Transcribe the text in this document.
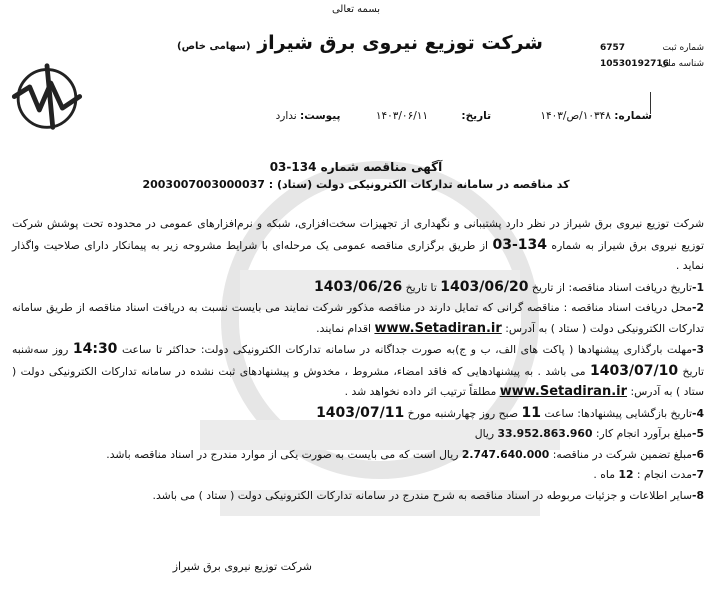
بسمه تعالی
(سهامی خاص) شرکت توزیع نیروی برق شیراز	شماره ثبت
شناسه ملی
6757
10530192716
شماره: ۱۰۳۴۸/ص/۱۴۰۳ تاریخ: ۱۴۰۳/۰۶/۱۱ پیوست: ندارد
آگهی مناقصه شماره 134-03
کد مناقصه در سامانه تدارکات الکترونیکی دولت (ستاد) : 2003007003000037

شرکت توزیع نیروی برق شیراز در نظر دارد پشتیبانی و نگهداری از تجهیزات سخت‌افزاری، شبکه و نرم‌افزارهای عمومی در محدوده تحت پوشش شرکت توزیع نیروی برق شیراز به شماره 134-03 از طریق برگزاری مناقصه عمومی یک مرحله‌ای با شرایط مشروحه زیر به پیمانکار دارای صلاحیت واگذار نماید .

1-تاریخ دریافت اسناد مناقصه: از تاریخ 1403/06/20 تا تاریخ 1403/06/26

2-محل دریافت اسناد مناقصه : مناقصه گرانی که تمایل دارند در مناقصه مذکور شرکت نمایند می بایست نسبت به دریافت اسناد مناقصه از طریق سامانه تدارکات الکترونیکی دولت ( ستاد ) به آدرس: www.Setadiran.ir اقدام نمایند.

3-مهلت بارگذاری پیشنهادها ( پاکت های الف، ب و ج)به صورت جداگانه در سامانه تدارکات الکترونیکی دولت: حداکثر تا ساعت 14:30 روز سه‌شنبه تاریخ 1403/07/10 می باشد . به پیشنهادهایی که فاقد امضاء، مشروط ، مخدوش و پیشنهادهای ثبت نشده در سامانه تدارکات الکترونیکی دولت ( ستاد ) به آدرس: www.Setadiran.ir مطلقاً ترتیب اثر داده نخواهد شد .

4-تاریخ بازگشایی پیشنهادها: ساعت 11 صبح روز چهارشنبه مورخ 1403/07/11

5-مبلغ برآورد انجام کار: 33.952.863.960 ریال

6-مبلغ تضمین شرکت در مناقصه: 2.747.640.000 ریال است که می بایست به صورت یکی از موارد مندرج در اسناد مناقصه باشد.

7-مدت انجام : 12 ماه .

8-سایر اطلاعات و جزئیات مربوطه در اسناد مناقصه به شرح مندرج در سامانه تدارکات الکترونیکی دولت ( ستاد ) می باشد.

شرکت توزیع نیروی برق شیراز
